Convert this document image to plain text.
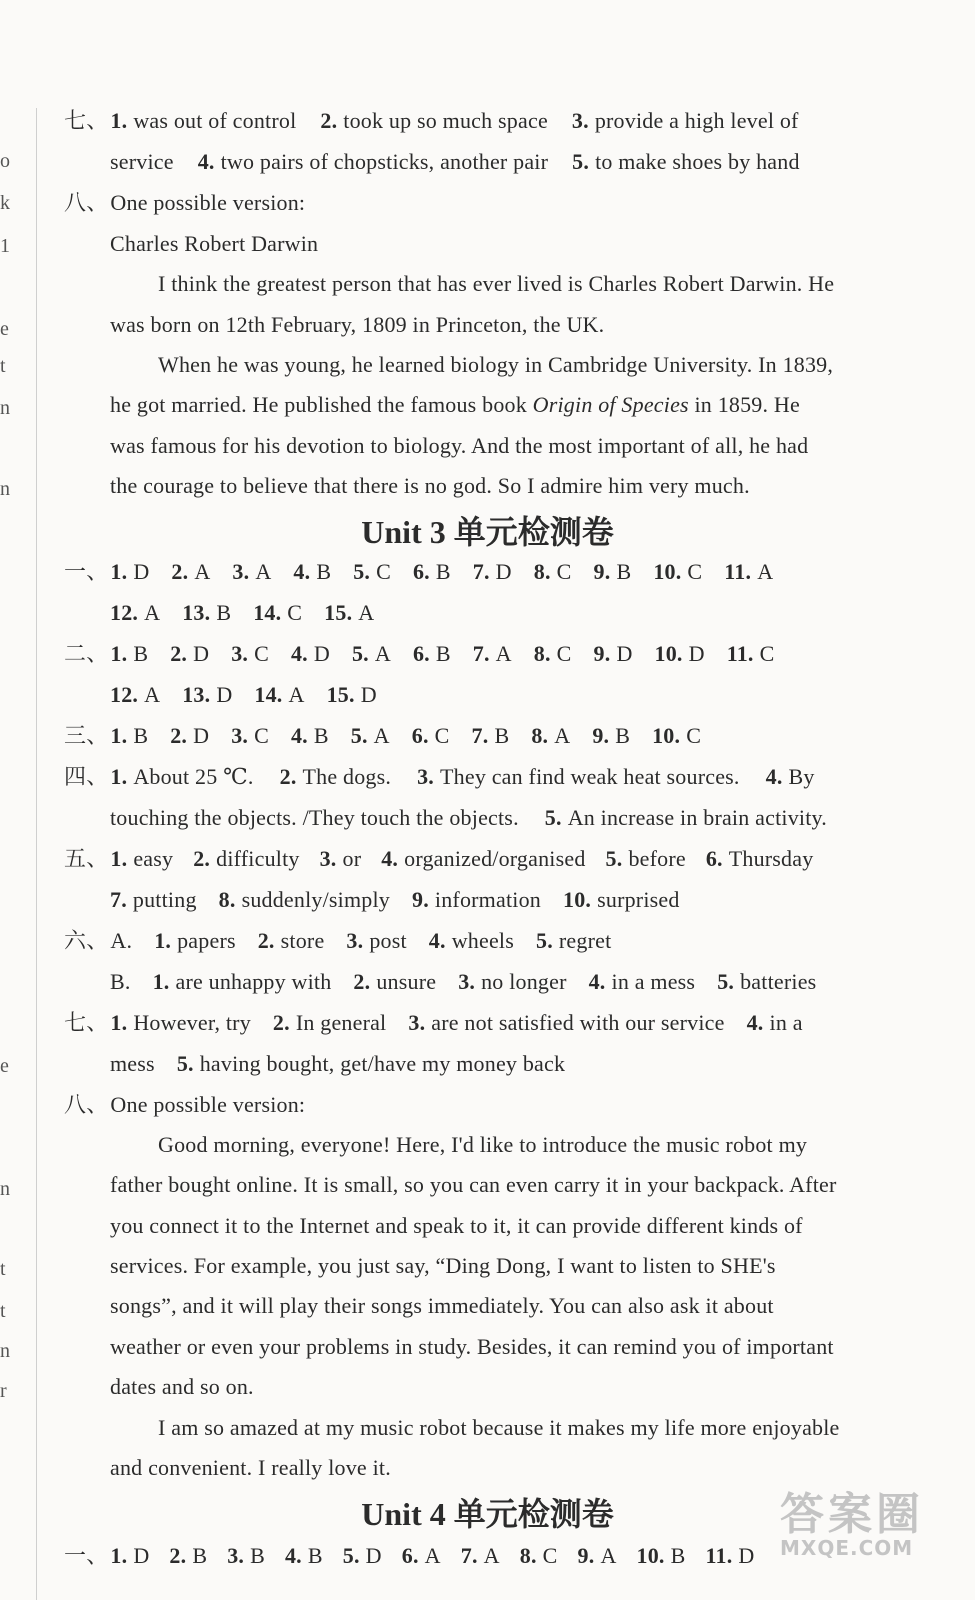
o
k
1
e
t
n
n
e
n
t
t
n
r
七、1. was out of control 2. took up so much space 3. provide a high level of
service 4. two pairs of chopsticks, another pair 5. to make shoes by hand
八、One possible version:
Charles Robert Darwin
I think the greatest person that has ever lived is Charles Robert Darwin. He
was born on 12th February, 1809 in Princeton, the UK.
When he was young, he learned biology in Cambridge University. In 1839,
he got married. He published the famous book Origin of Species in 1859. He
was famous for his devotion to biology. And the most important of all, he had
the courage to believe that there is no god. So I admire him very much.
Unit 3 单元检测卷
一、1. D 2. A 3. A 4. B 5. C 6. B 7. D 8. C 9. B 10. C 11. A
12. A 13. B 14. C 15. A
二、1. B 2. D 3. C 4. D 5. A 6. B 7. A 8. C 9. D 10. D 11. C
12. A 13. D 14. A 15. D
三、1. B 2. D 3. C 4. B 5. A 6. C 7. B 8. A 9. B 10. C
四、1. About 25 ℃. 2. The dogs. 3. They can find weak heat sources. 4. By
touching the objects. /They touch the objects. 5. An increase in brain activity.
五、1. easy 2. difficulty 3. or 4. organized/organised 5. before 6. Thursday
7. putting 8. suddenly/simply 9. information 10. surprised
六、A. 1. papers 2. store 3. post 4. wheels 5. regret
B. 1. are unhappy with 2. unsure 3. no longer 4. in a mess 5. batteries
七、1. However, try 2. In general 3. are not satisfied with our service 4. in a
mess 5. having bought, get/have my money back
八、One possible version:
Good morning, everyone! Here, I'd like to introduce the music robot my
father bought online. It is small, so you can even carry it in your backpack. After
you connect it to the Internet and speak to it, it can provide different kinds of
services. For example, you just say, “Ding Dong, I want to listen to SHE's
songs”, and it will play their songs immediately. You can also ask it about
weather or even your problems in study. Besides, it can remind you of important
dates and so on.
I am so amazed at my music robot because it makes my life more enjoyable
and convenient. I really love it.
Unit 4 单元检测卷
一、1. D 2. B 3. B 4. B 5. D 6. A 7. A 8. C 9. A 10. B 11. D
答案圈
MXQE.COM
